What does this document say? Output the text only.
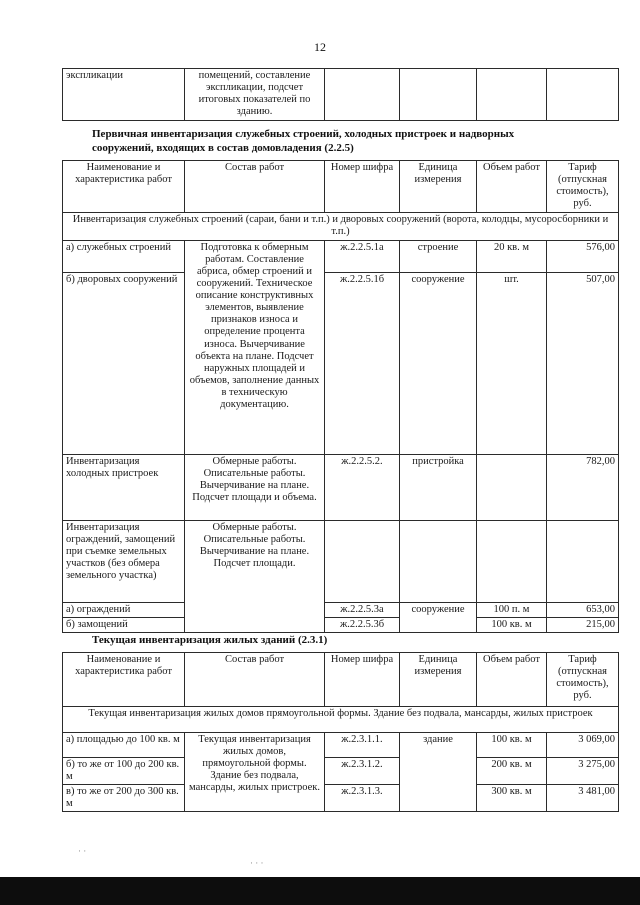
12
экспликации	помещений, составление экспликации, подсчет итоговых показателей по зданию.				
Первичная инвентаризация служебных строений, холодных пристроек и надворных сооружений, входящих в состав домовладения (2.2.5)
Наименование и характеристика работ	Состав работ	Номер шифра	Единица измерения	Объем работ	Тариф (отпускная стоимость), руб.
Инвентаризация служебных строений (сараи, бани и т.п.) и дворовых сооружений (ворота, колодцы, мусоросборники и т.п.)					
а) служебных строений	Подготовка к обмерным работам. Составление абриса, обмер строений и сооружений. Техническое описание конструктивных элементов, выявление признаков износа и определение процента износа. Вычерчивание объекта на плане. Подсчет наружных площадей и объемов, заполнение данных в техническую документацию.	ж.2.2.5.1а	строение	20 кв. м	576,00
б) дворовых сооружений		ж.2.2.5.1б	сооружение	шт.	507,00
Инвентаризация холодных пристроек	Обмерные работы. Описательные работы. Вычерчивание на плане. Подсчет площади и объема.	ж.2.2.5.2.	пристройка		782,00
Инвентаризация ограждений, замощений при съемке земельных участков (без обмера земельного участка)	Обмерные работы. Описательные работы. Вычерчивание на плане. Подсчет площади.				
а) ограждений		ж.2.2.5.3а	сооружение	100 п. м	653,00
б) замощений		ж.2.2.5.3б		100 кв. м	215,00
Текущая инвентаризация жилых зданий (2.3.1)
Наименование и характеристика работ	Состав работ	Номер шифра	Единица измерения	Объем работ	Тариф (отпускная стоимость), руб.
Текущая инвентаризация жилых домов прямоугольной формы. Здание без подвала, мансарды, жилых пристроек					
а) площадью до 100 кв. м	Текущая инвентаризация жилых домов, прямоугольной формы. Здание без подвала, мансарды, жилых пристроек.	ж.2.3.1.1.	здание	100 кв. м	3 069,00
б) то же от 100 до 200 кв. м		ж.2.3.1.2.		200 кв. м	3 275,00
в) то же от 200 до 300 кв. м		ж.2.3.1.3.		300 кв. м	3 481,00
· ·
· · ·
